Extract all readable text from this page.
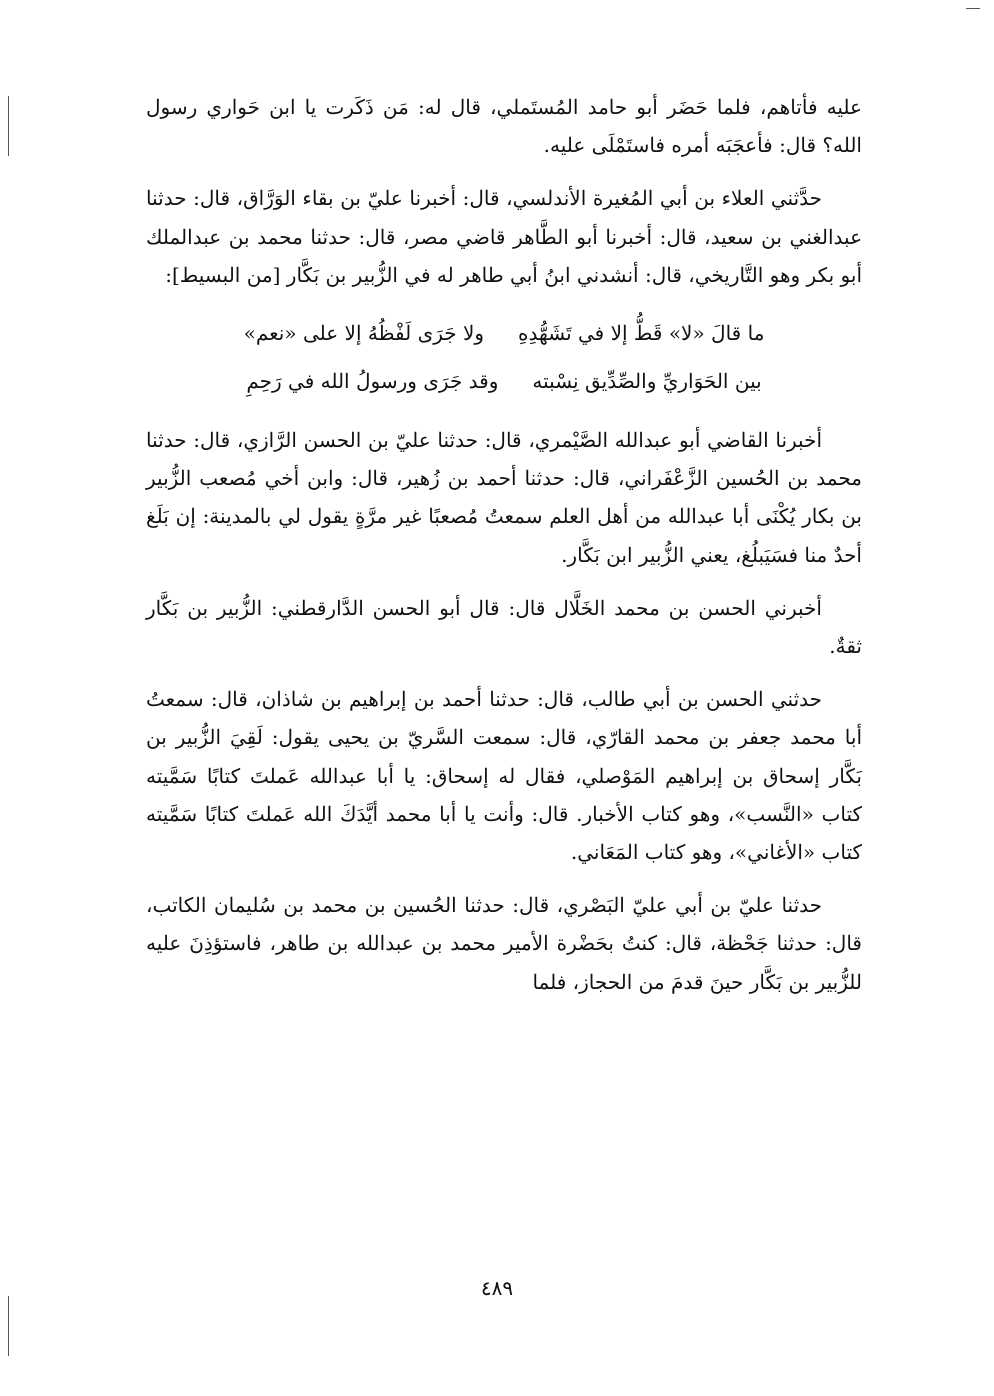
عليه فأتاهم، فلما حَضَر أبو حامد المُستَملي، قال له: مَن ذَكَرت يا ابن حَواري رسول الله؟ قال: فأعجَبَه أمره فاستَمْلَى عليه.

حدَّثني العلاء بن أبي المُغيرة الأندلسي، قال: أخبرنا عليّ بن بقاء الوَرَّاق، قال: حدثنا عبدالغني بن سعيد، قال: أخبرنا أبو الطَّاهر قاضي مصر، قال: حدثنا محمد بن عبدالملك أبو بكر وهو التَّاريخي، قال: أنشدني ابنُ أبي طاهر له في الزُّبير بن بَكَّار [من البسيط]:

ما قالَ «لا» قَطُّ إلا في تَشَهُّدِهِ
ولا جَرَى لَفْظُهُ إلا على «نعم»
بين الحَوَاريِّ والصِّدِّيق نِسْبته
وقد جَرَى ورسولُ الله في رَحِمِ

أخبرنا القاضي أبو عبدالله الصَّيْمري، قال: حدثنا عليّ بن الحسن الرَّازي، قال: حدثنا محمد بن الحُسين الزَّعْفَراني، قال: حدثنا أحمد بن زُهير، قال: وابن أخي مُصعب الزُّبير بن بكار يُكْنَى أبا عبدالله من أهل العلم سمعتُ مُصعبًا غير مرَّةٍ يقول لي بالمدينة: إن بَلَغ أحدٌ منا فسَيَبلُغ، يعني الزُّبير ابن بَكَّار.

أخبرني الحسن بن محمد الخَلَّال قال: قال أبو الحسن الدَّارقطني: الزُّبير بن بَكَّار ثقةٌ.

حدثني الحسن بن أبي طالب، قال: حدثنا أحمد بن إبراهيم بن شاذان، قال: سمعتُ أبا محمد جعفر بن محمد القارّي، قال: سمعت السَّريّ بن يحيى يقول: لَقِيَ الزُّبير بن بَكَّار إسحاق بن إبراهيم المَوْصلي، فقال له إسحاق: يا أبا عبدالله عَملتَ كتابًا سَمَّيته كتاب «النَّسب»، وهو كتاب الأخبار. قال: وأنت يا أبا محمد أيَّدَكَ الله عَملتَ كتابًا سَمَّيته كتاب «الأغاني»، وهو كتاب المَعَاني.

حدثنا عليّ بن أبي عليّ البَصْري، قال: حدثنا الحُسين بن محمد بن سُليمان الكاتب، قال: حدثنا جَحْظة، قال: كنتُ بحَضْرة الأمير محمد بن عبدالله بن طاهر، فاستؤذِنَ عليه للزُّبير بن بَكَّار حينَ قدمَ من الحجاز، فلما

٤٨٩
